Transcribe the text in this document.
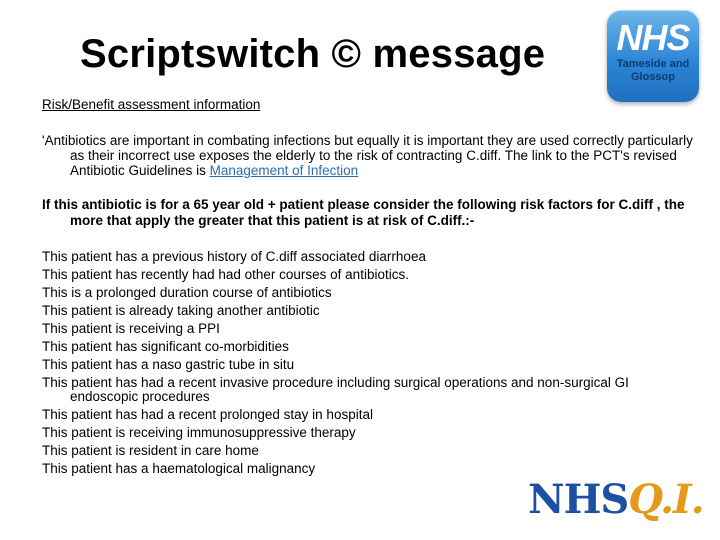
Scriptswitch © message NHS
Tameside and Glossop
Risk/Benefit assessment information
'Antibiotics are important in combating infections but equally it is important they are used correctly particularly as their incorrect use exposes the elderly to the risk of contracting C.diff. The link to the PCT's revised Antibiotic Guidelines is Management of Infection
If this antibiotic is for a 65 year old + patient please consider the following risk factors for C.diff , the more that apply the greater that this patient is at risk of C.diff.:-
This patient has a previous history of C.diff associated diarrhoea
This patient has recently had had other courses of antibiotics.
This is a prolonged duration course of antibiotics
This patient is already taking another antibiotic
This patient is receiving a PPI
This patient has significant co-morbidities
This patient has a naso gastric tube in situ
This patient has had a recent invasive procedure including surgical operations and non-surgical GI endoscopic procedures
This patient has had a recent prolonged stay in hospital
This patient is receiving immunosuppressive therapy
This patient is resident in care home
This patient has a haematological malignancy
NHSQ.I.
